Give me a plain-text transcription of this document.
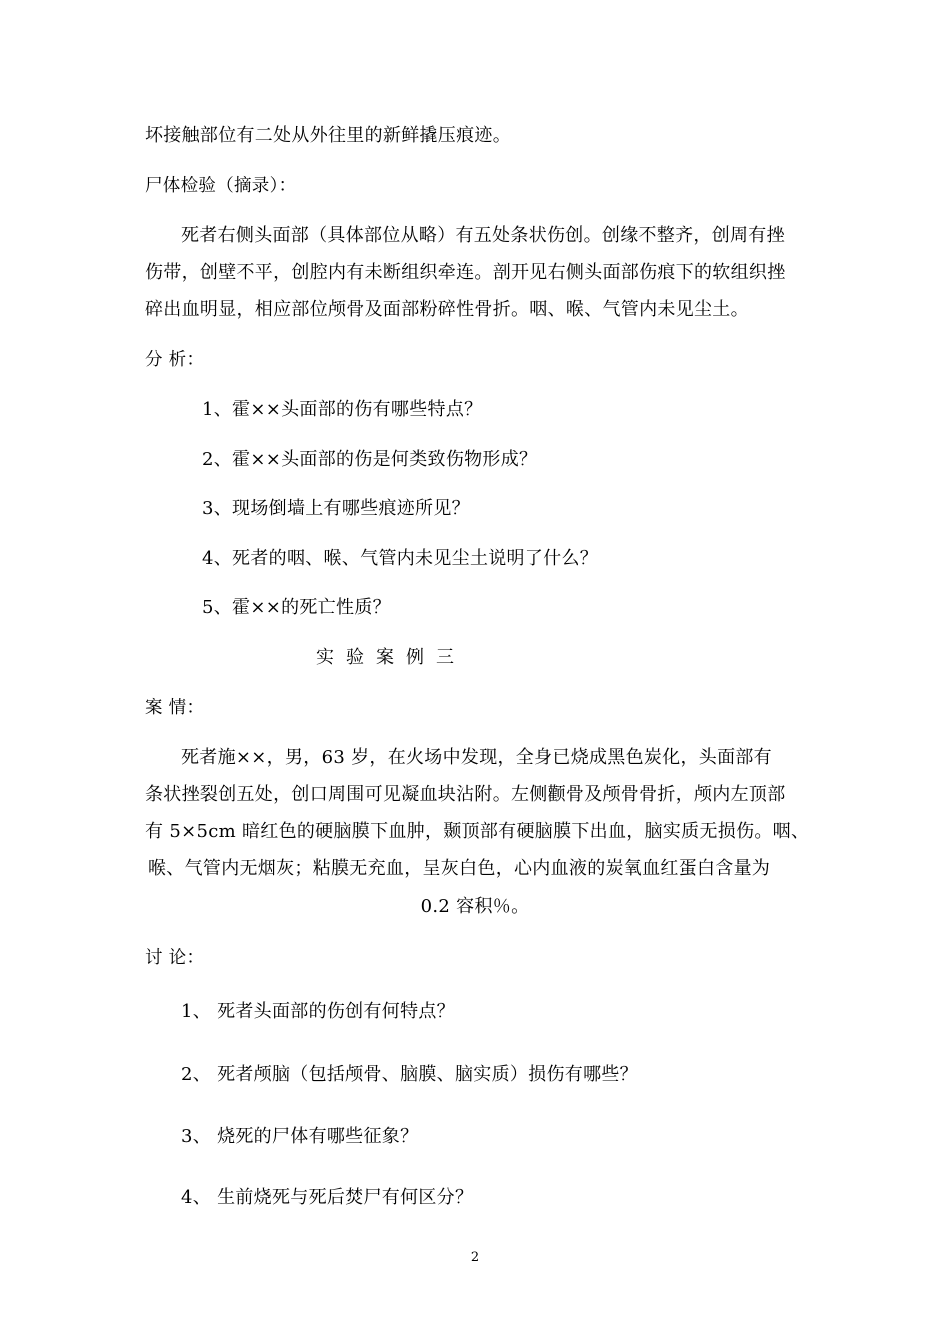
坏接触部位有二处从外往里的新鲜撬压痕迹。
尸体检验（摘录）：
死者右侧头面部（具体部位从略）有五处条状伤创。创缘不整齐，创周有挫
伤带，创壁不平，创腔内有未断组织牵连。剖开见右侧头面部伤痕下的软组织挫
碎出血明显，相应部位颅骨及面部粉碎性骨折。咽、喉、气管内未见尘土。
分 析：
1、霍××头面部的伤有哪些特点？
2、霍××头面部的伤是何类致伤物形成？
3、现场倒墙上有哪些痕迹所见？
4、死者的咽、喉、气管内未见尘土说明了什么？
5、霍××的死亡性质？
实验案例三
案 情：
死者施××，男，63 岁，在火场中发现，全身已烧成黑色炭化，头面部有
条状挫裂创五处，创口周围可见凝血块沾附。左侧颧骨及颅骨骨折，颅内左顶部
有 5×5cm 暗红色的硬脑膜下血肿，颞顶部有硬脑膜下出血，脑实质无损伤。咽、
喉、气管内无烟灰；粘膜无充血，呈灰白色，心内血液的炭氧血红蛋白含量为
0.2 容积％。
讨 论：
1、 死者头面部的伤创有何特点？
2、 死者颅脑（包括颅骨、脑膜、脑实质）损伤有哪些？
3、 烧死的尸体有哪些征象？
4、 生前烧死与死后焚尸有何区分？
2
